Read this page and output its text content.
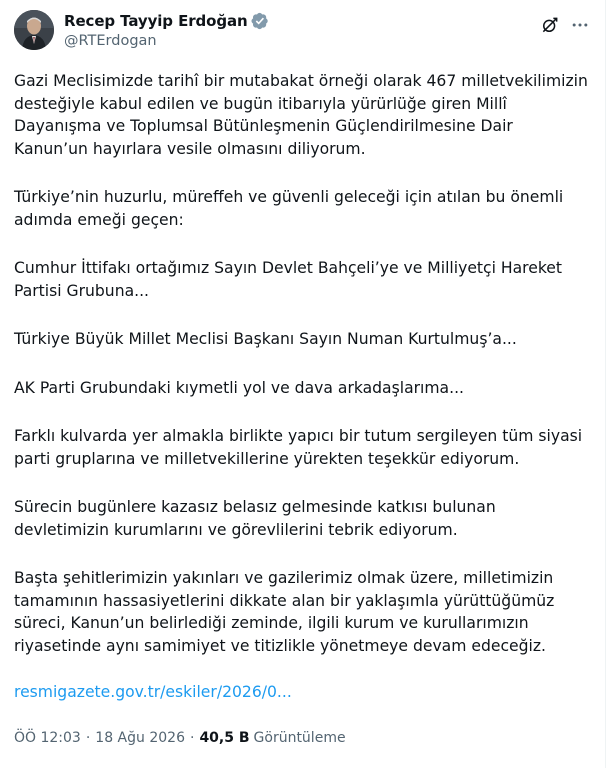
Recep Tayyip Erdoğan
@RTErdogan

Gazi Meclisimizde tarihî bir mutabakat örneği olarak 467 milletvekilimizin
desteğiyle kabul edilen ve bugün itibarıyla yürürlüğe giren Millî
Dayanışma ve Toplumsal Bütünleşmenin Güçlendirilmesine Dair
Kanun’un hayırlara vesile olmasını diliyorum.

Türkiye’nin huzurlu, müreffeh ve güvenli geleceği için atılan bu önemli
adımda emeği geçen:

Cumhur İttifakı ortağımız Sayın Devlet Bahçeli’ye ve Milliyetçi Hareket
Partisi Grubuna...

Türkiye Büyük Millet Meclisi Başkanı Sayın Numan Kurtulmuş’a...

AK Parti Grubundaki kıymetli yol ve dava arkadaşlarıma...

Farklı kulvarda yer almakla birlikte yapıcı bir tutum sergileyen tüm siyasi
parti gruplarına ve milletvekillerine yürekten teşekkür ediyorum.

Sürecin bugünlere kazasız belasız gelmesinde katkısı bulunan
devletimizin kurumlarını ve görevlilerini tebrik ediyorum.

Başta şehitlerimizin yakınları ve gazilerimiz olmak üzere, milletimizin
tamamının hassasiyetlerini dikkate alan bir yaklaşımla yürüttüğümüz
süreci, Kanun’un belirlediği zeminde, ilgili kurum ve kurullarımızın
riyasetinde aynı samimiyet ve titizlikle yönetmeye devam edeceğiz.

resmigazete.gov.tr/eskiler/2026/0...
ÖÖ 12:03 · 18 Ağu 2026 · 40,5 B Görüntüleme
